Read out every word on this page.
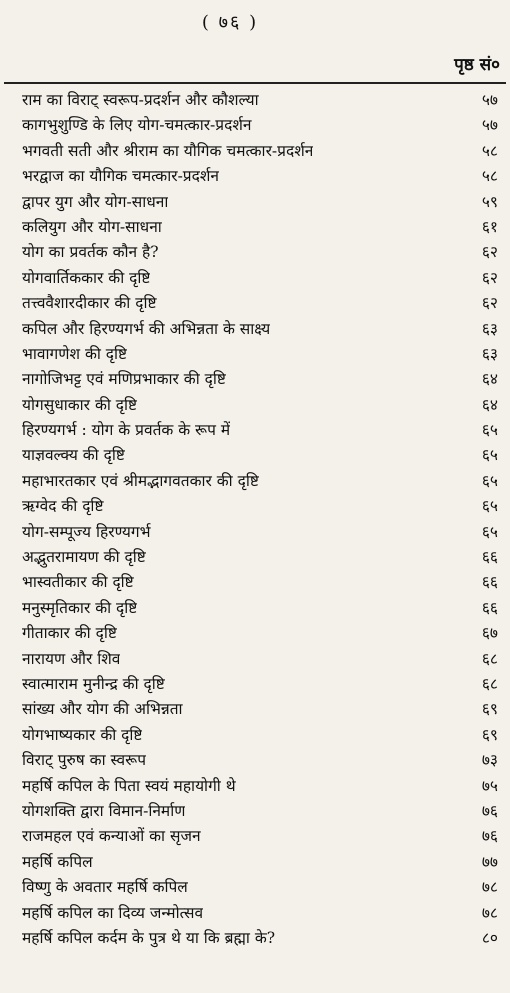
( ७६ )
पृष्ठ सं०
राम का विराट् स्वरूप-प्रदर्शन और कौशल्या	५७
कागभुशुण्डि के लिए योग-चमत्कार-प्रदर्शन	५७
भगवती सती और श्रीराम का यौगिक चमत्कार-प्रदर्शन	५८
भरद्वाज का यौगिक चमत्कार-प्रदर्शन	५८
द्वापर युग और योग-साधना	५९
कलियुग और योग-साधना	६१
योग का प्रवर्तक कौन है?	६२
योगवार्तिककार की दृष्टि	६२
तत्त्ववैशारदीकार की दृष्टि	६२
कपिल और हिरण्यगर्भ की अभिन्नता के साक्ष्य	६३
भावागणेश की दृष्टि	६३
नागोजिभट्ट एवं मणिप्रभाकार की दृष्टि	६४
योगसुधाकार की दृष्टि	६४
हिरण्यगर्भ : योग के प्रवर्तक के रूप में	६५
याज्ञवल्क्य की दृष्टि	६५
महाभारतकार एवं श्रीमद्भागवतकार की दृष्टि	६५
ऋग्वेद की दृष्टि	६५
योग-सम्पूज्य हिरण्यगर्भ	६५
अद्भुतरामायण की दृष्टि	६६
भास्वतीकार की दृष्टि	६६
मनुस्मृतिकार की दृष्टि	६६
गीताकार की दृष्टि	६७
नारायण और शिव	६८
स्वात्माराम मुनीन्द्र की दृष्टि	६८
सांख्य और योग की अभिन्नता	६९
योगभाष्यकार की दृष्टि	६९
विराट् पुरुष का स्वरूप	७३
महर्षि कपिल के पिता स्वयं महायोगी थे	७५
योगशक्ति द्वारा विमान-निर्माण	७६
राजमहल एवं कन्याओं का सृजन	७६
महर्षि कपिल	७७
विष्णु के अवतार महर्षि कपिल	७८
महर्षि कपिल का दिव्य जन्मोत्सव	७८
महर्षि कपिल कर्दम के पुत्र थे या कि ब्रह्मा के?	८०
